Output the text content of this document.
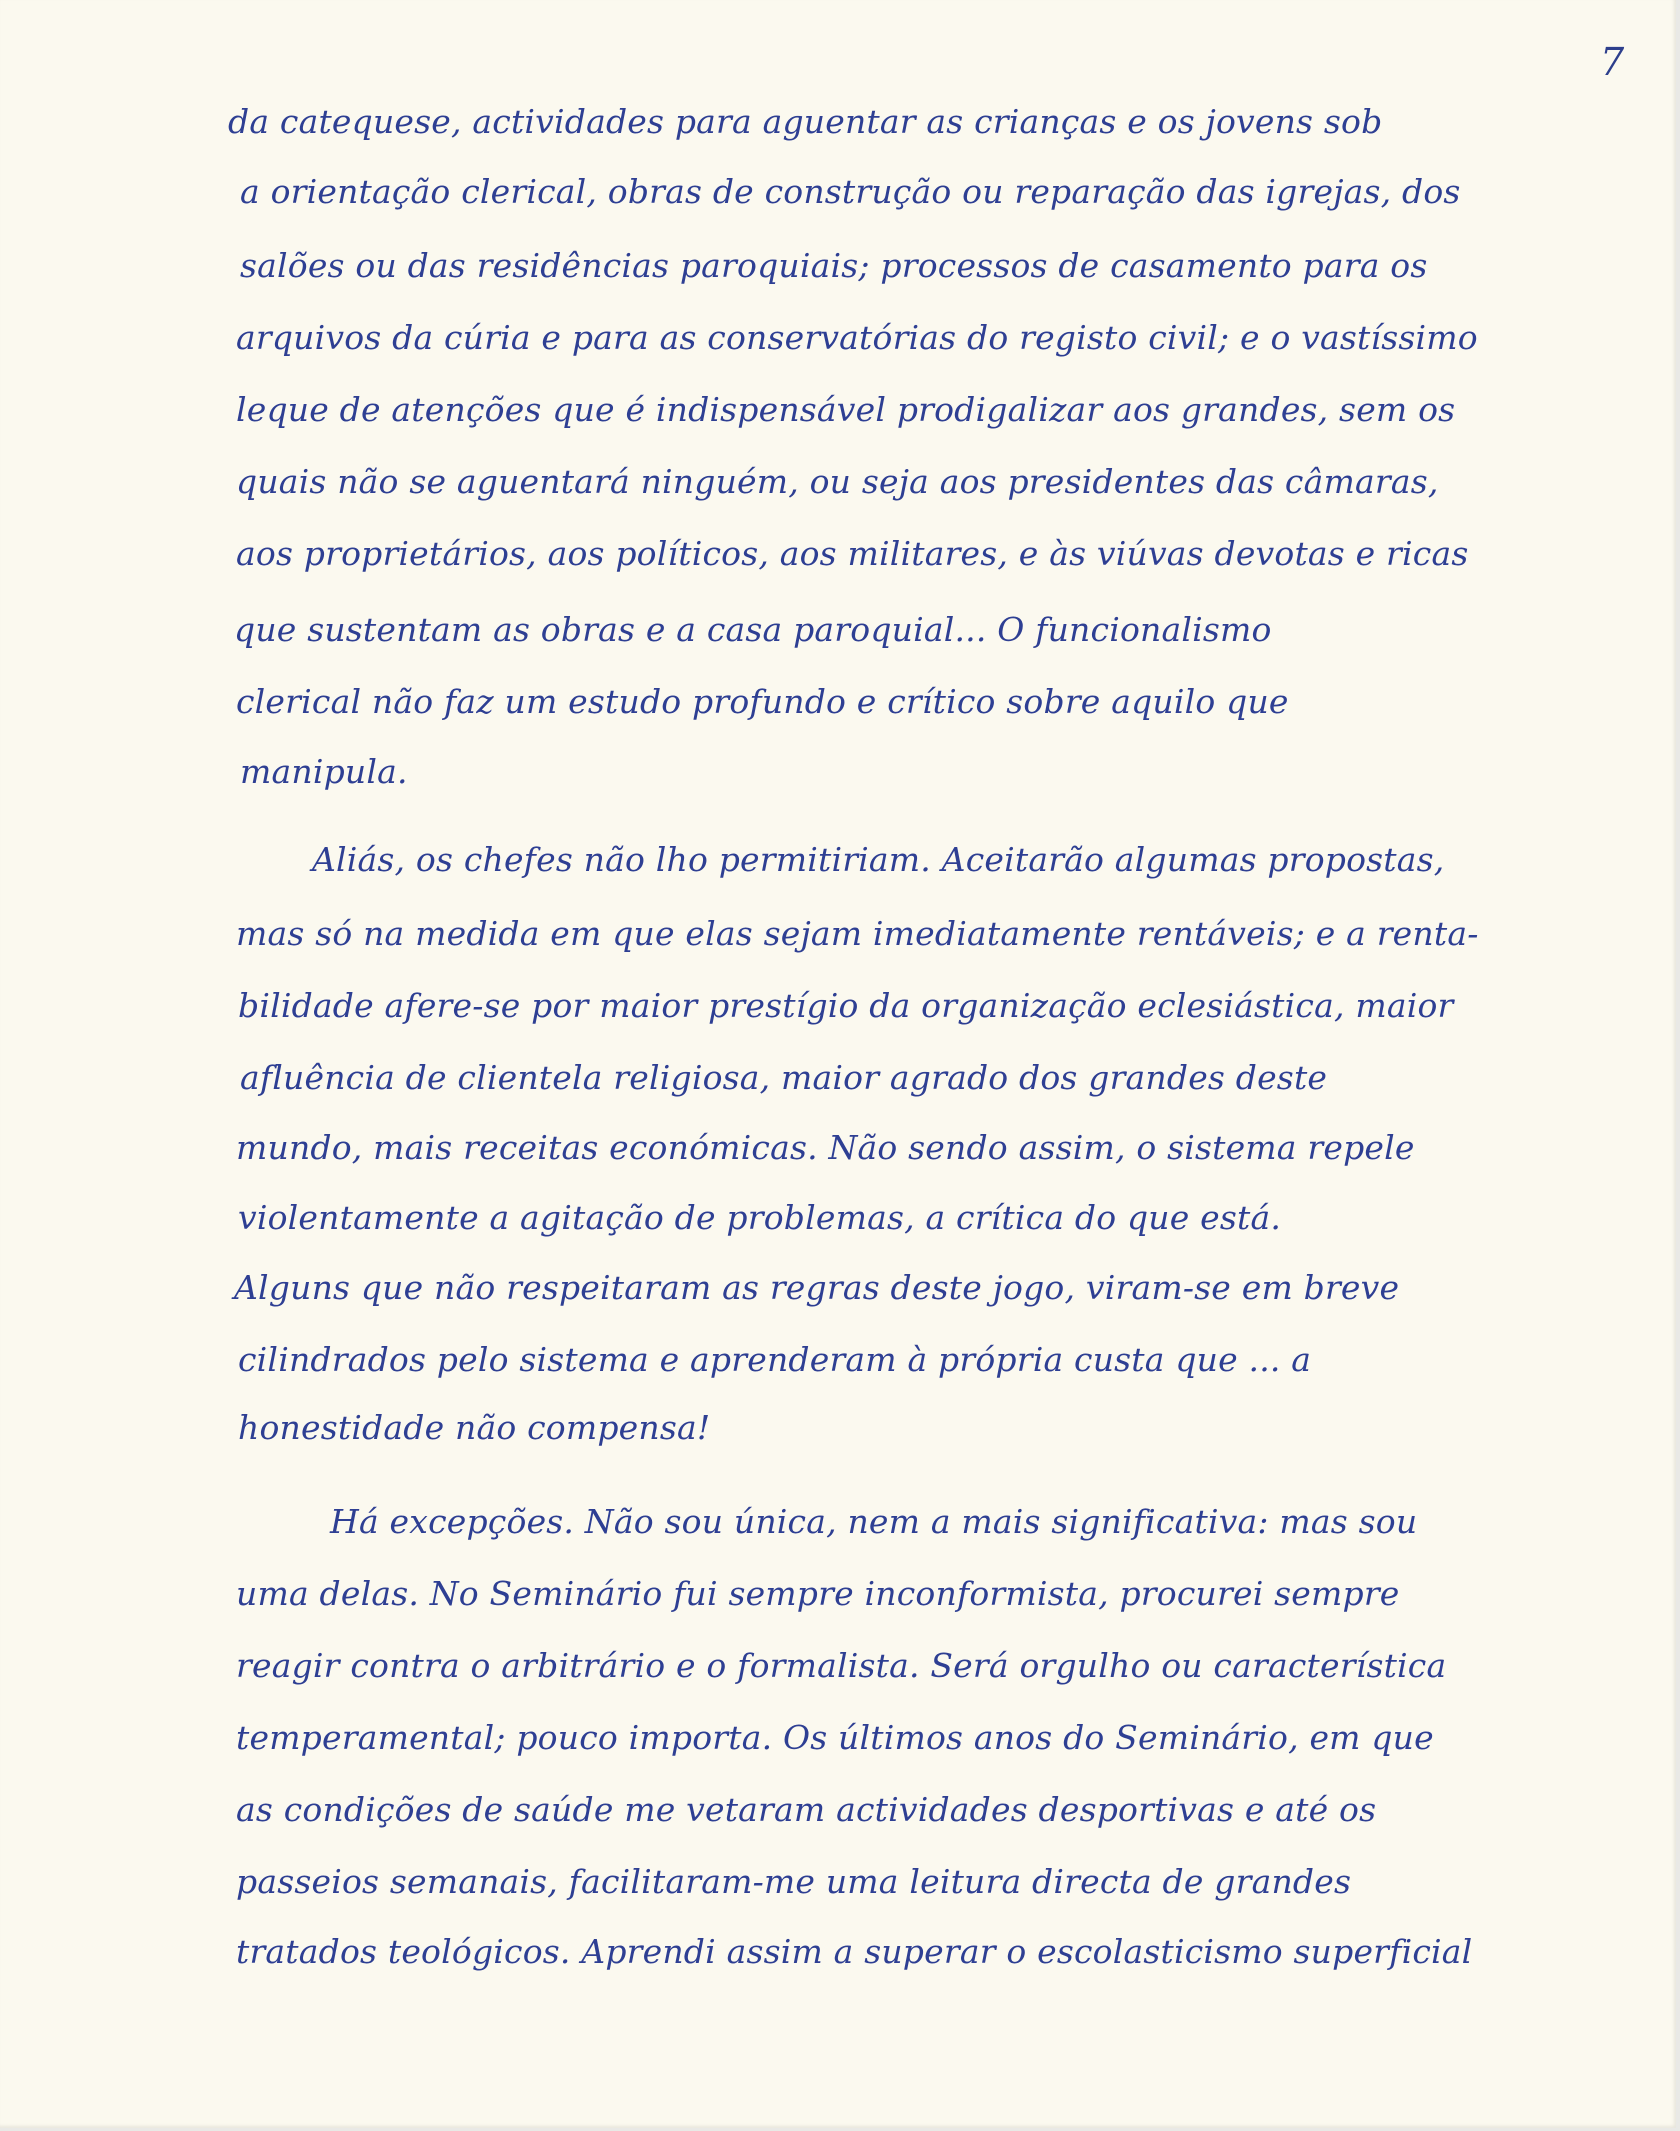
7
da catequese, actividades para aguentar as crianças e os jovens sob
a orientação clerical, obras de construção ou reparação das igrejas, dos
salões ou das residências paroquiais; processos de casamento para os
arquivos da cúria e para as conservatórias do registo civil; e o vastíssimo
leque de atenções que é indispensável prodigalizar aos grandes, sem os
quais não se aguentará ninguém, ou seja aos presidentes das câmaras,
aos proprietários, aos políticos, aos militares, e às viúvas devotas e ricas
que sustentam as obras e a casa paroquial... O funcionalismo
clerical não faz um estudo profundo e crítico sobre aquilo que
manipula.
Aliás, os chefes não lho permitiriam. Aceitarão algumas propostas,
mas só na medida em que elas sejam imediatamente rentáveis; e a renta-
bilidade afere-se por maior prestígio da organização eclesiástica, maior
afluência de clientela religiosa, maior agrado dos grandes deste
mundo, mais receitas económicas. Não sendo assim, o sistema repele
violentamente a agitação de problemas, a crítica do que está.
Alguns que não respeitaram as regras deste jogo, viram-se em breve
cilindrados pelo sistema e aprenderam à própria custa que ... a
honestidade não compensa!
Há excepções. Não sou única, nem a mais significativa: mas sou
uma delas. No Seminário fui sempre inconformista, procurei sempre
reagir contra o arbitrário e o formalista. Será orgulho ou característica
temperamental; pouco importa. Os últimos anos do Seminário, em que
as condições de saúde me vetaram actividades desportivas e até os
passeios semanais, facilitaram-me uma leitura directa de grandes
tratados teológicos. Aprendi assim a superar o escolasticismo superficial
